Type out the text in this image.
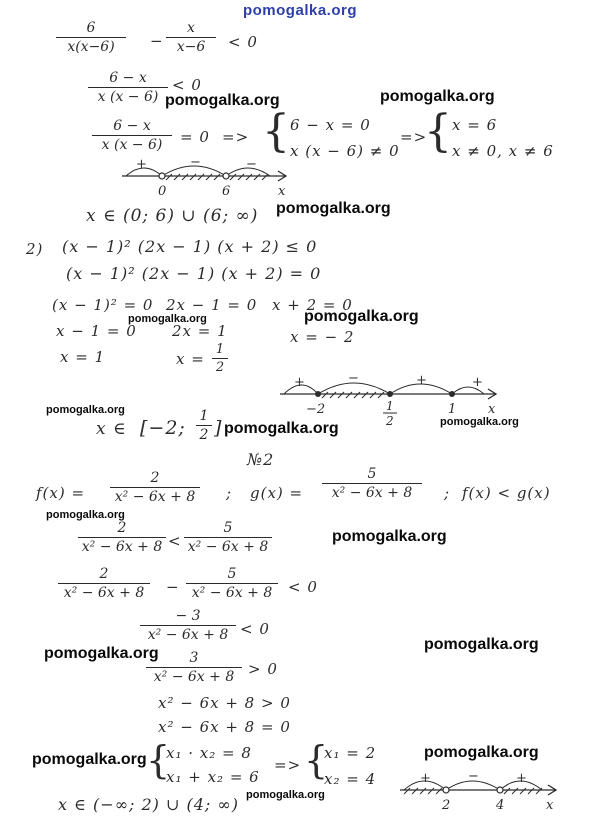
pomogalka.org
6
x(x−6)	−
x
x−6	< 0
6 − x
x (x − 6)
< 0
6 − x
x (x − 6)	= 0 => { 6 − x = 0
x (x − 6) ≠ 0
=>
{ x = 6
x ≠ 0, x ≠ 6
+	−	−
0	6	x
x ∈ (0; 6) ∪ (6; ∞)
2) (x − 1)² (2x − 1) (x + 2) ≤ 0
(x − 1)² (2x − 1) (x + 2) = 0
(x − 1)² = 0
x − 1 = 0
x = 1
2x − 1 = 0
2x = 1
x =
1
2
x + 2 = 0
x = − 2
+	−	+	+
−2	1
2
1 x
x ∈ [−2;
1
2 ]
№2
f(x) =
2
x² − 6x + 8	; g(x) =
5
x² − 6x + 8	; f(x) < g(x)
2
x² − 6x + 8 <
5
x² − 6x + 8
2
x² − 6x + 8	−
5
x² − 6x + 8	< 0
− 3
x² − 6x + 8 < 0
3
x² − 6x + 8 > 0
x² − 6x + 8 > 0
x² − 6x + 8 = 0
{
x₁ · x₂ = 8
x₁ + x₂ = 6
=> {
x₁ = 2
x₂ = 4	+	−	+
2	4	x
x ∈ (−∞; 2) ∪ (4; ∞)
pomogalka.org	pomogalka.org
pomogalka.org
pomogalka.org	pomogalka.org
pomogalka.org
pomogalka.org	pomogalka.org
pomogalka.org
pomogalka.org
pomogalka.org
pomogalka.org
pomogalka.org
pomogalka.org
pomogalka.org
